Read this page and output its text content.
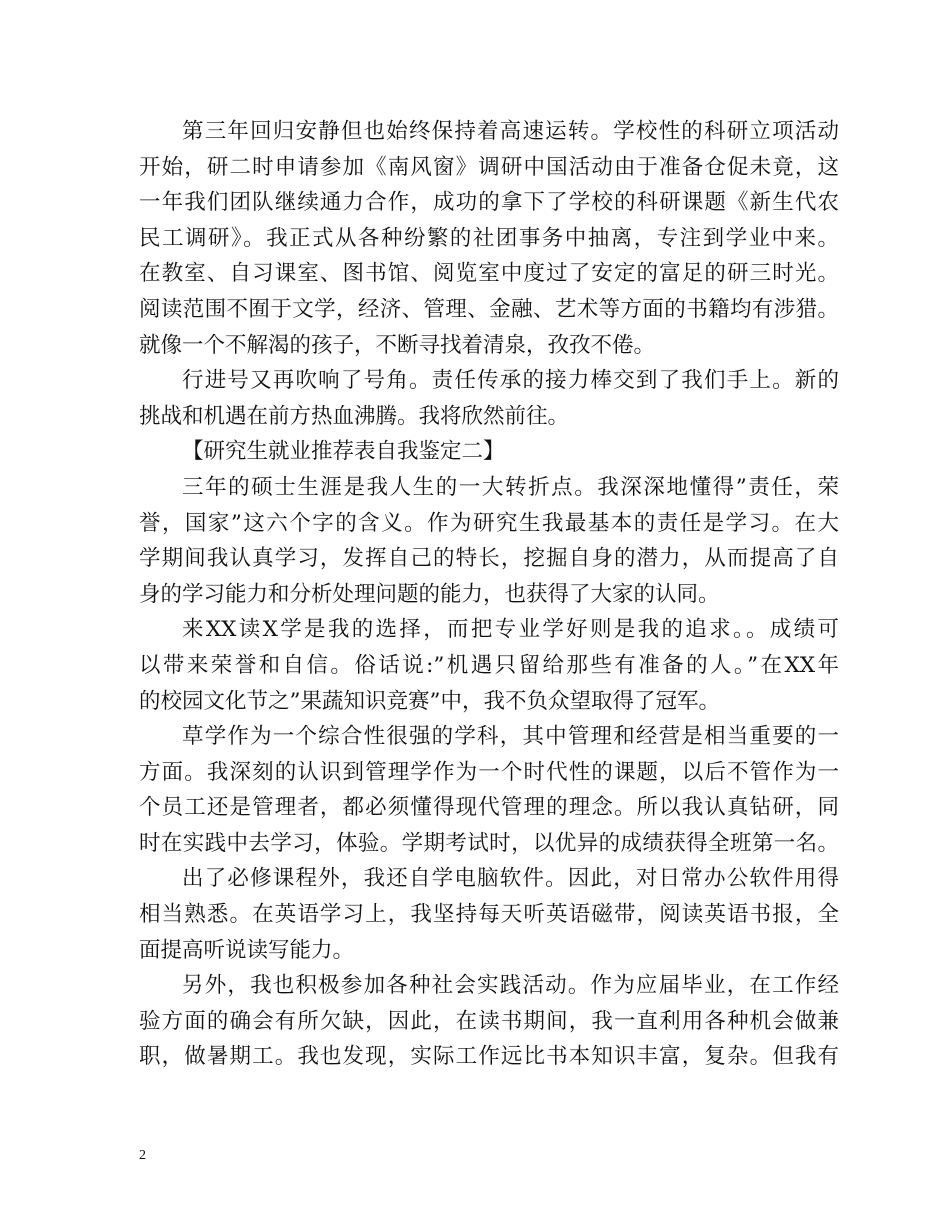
第三年回归安静但也始终保持着高速运转。学校性的科研立项活动
开始，研二时申请参加《南风窗》调研中国活动由于准备仓促未竟，这
一年我们团队继续通力合作，成功的拿下了学校的科研课题《新生代农
民工调研》。我正式从各种纷繁的社团事务中抽离，专注到学业中来。
在教室、自习课室、图书馆、阅览室中度过了安定的富足的研三时光。
阅读范围不囿于文学，经济、管理、金融、艺术等方面的书籍均有涉猎。
就像一个不解渴的孩子，不断寻找着清泉，孜孜不倦。
行进号又再吹响了号角。责任传承的接力棒交到了我们手上。新的
挑战和机遇在前方热血沸腾。我将欣然前往。
【研究生就业推荐表自我鉴定二】
三年的硕士生涯是我人生的一大转折点。我深深地懂得”责任，荣
誉，国家”这六个字的含义。作为研究生我最基本的责任是学习。在大
学期间我认真学习，发挥自己的特长，挖掘自身的潜力，从而提高了自
身的学习能力和分析处理问题的能力，也获得了大家的认同。
来XX读X学是我的选择，而把专业学好则是我的追求。。成绩可
以带来荣誉和自信。俗话说:”机遇只留给那些有准备的人。”在XX年
的校园文化节之”果蔬知识竞赛”中，我不负众望取得了冠军。
草学作为一个综合性很强的学科，其中管理和经营是相当重要的一
方面。我深刻的认识到管理学作为一个时代性的课题，以后不管作为一
个员工还是管理者，都必须懂得现代管理的理念。所以我认真钻研，同
时在实践中去学习，体验。学期考试时，以优异的成绩获得全班第一名。
出了必修课程外，我还自学电脑软件。因此，对日常办公软件用得
相当熟悉。在英语学习上，我坚持每天听英语磁带，阅读英语书报，全
面提高听说读写能力。
另外，我也积极参加各种社会实践活动。作为应届毕业，在工作经
验方面的确会有所欠缺，因此，在读书期间，我一直利用各种机会做兼
职，做暑期工。我也发现，实际工作远比书本知识丰富，复杂。但我有
2
